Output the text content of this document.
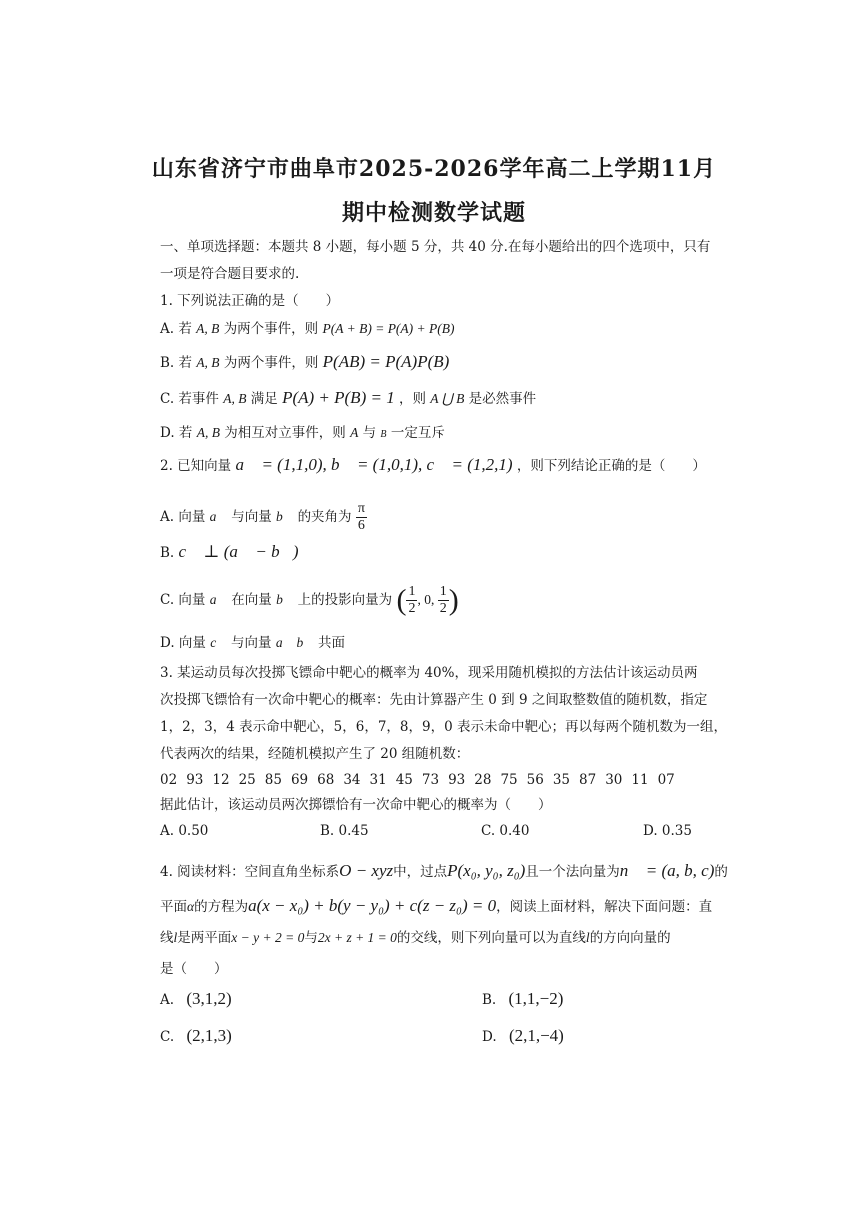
山东省济宁市曲阜市2025-2026学年高二上学期11月
期中检测数学试题
一、单项选择题：本题共 8 小题，每小题 5 分，共 40 分.在每小题给出的四个选项中，只有
一项是符合题目要求的.
1. 下列说法正确的是（　　）
A. 若 A, B 为两个事件，则 P(A + B) = P(A) + P(B)
B. 若 A, B 为两个事件，则 P(AB) = P(A)P(B)
C. 若事件 A, B 满足 P(A) + P(B) = 1 ，则 A ⋃ B 是必然事件
D. 若 A, B 为相互对立事件，则 A 与 B 一定互斥
2. 已知向量 a⃗ = (1,1,0), b⃗ = (1,0,1), c⃗ = (1,2,1) ，则下列结论正确的是（　　）
A. 向量 a⃗ 与向量 b⃗ 的夹角为 $\frac{\pi}{6}$
B. c⃗ ⊥ (a⃗ − b⃗)
C. 向量 a⃗ 在向量 b⃗ 上的投影向量为 ( $\frac{1}{2}$ , 0, $\frac{1}{2}$ )
D. 向量 c⃗ 与向量 a⃗ b⃗ 共面
3. 某运动员每次投掷飞镖命中靶心的概率为 40%，现采用随机模拟的方法估计该运动员两
次投掷飞镖恰有一次命中靶心的概率：先由计算器产生 0 到 9 之间取整数值的随机数，指定
1，2，3，4 表示命中靶心，5，6，7，8，9，0 表示未命中靶心；再以每两个随机数为一组，
代表两次的结果，经随机模拟产生了 20 组随机数：
02 93 12 25 85 69 68 34 31 45 73 93 28 75 56 35 87 30 11 07
据此估计，该运动员两次掷镖恰有一次命中靶心的概率为（　　）
A. 0.50	B. 0.45	C. 0.40	D. 0.35
4. 阅读材料：空间直角坐标系O − xyz中，过点P(x₀, y₀, z₀)且一个法向量为n⃗ = (a, b, c)的
平面α的方程为a(x − x₀) + b(y − y₀) + c(z − z₀) = 0，阅读上面材料，解决下面问题：直
线l是两平面x − y + 2 = 0与2x + z + 1 = 0的交线，则下列向量可以为直线l的方向向量的
是（　　）
A. (3,1,2)	B. (1,1,−2)
C. (2,1,3)	D. (2,1,−4)
